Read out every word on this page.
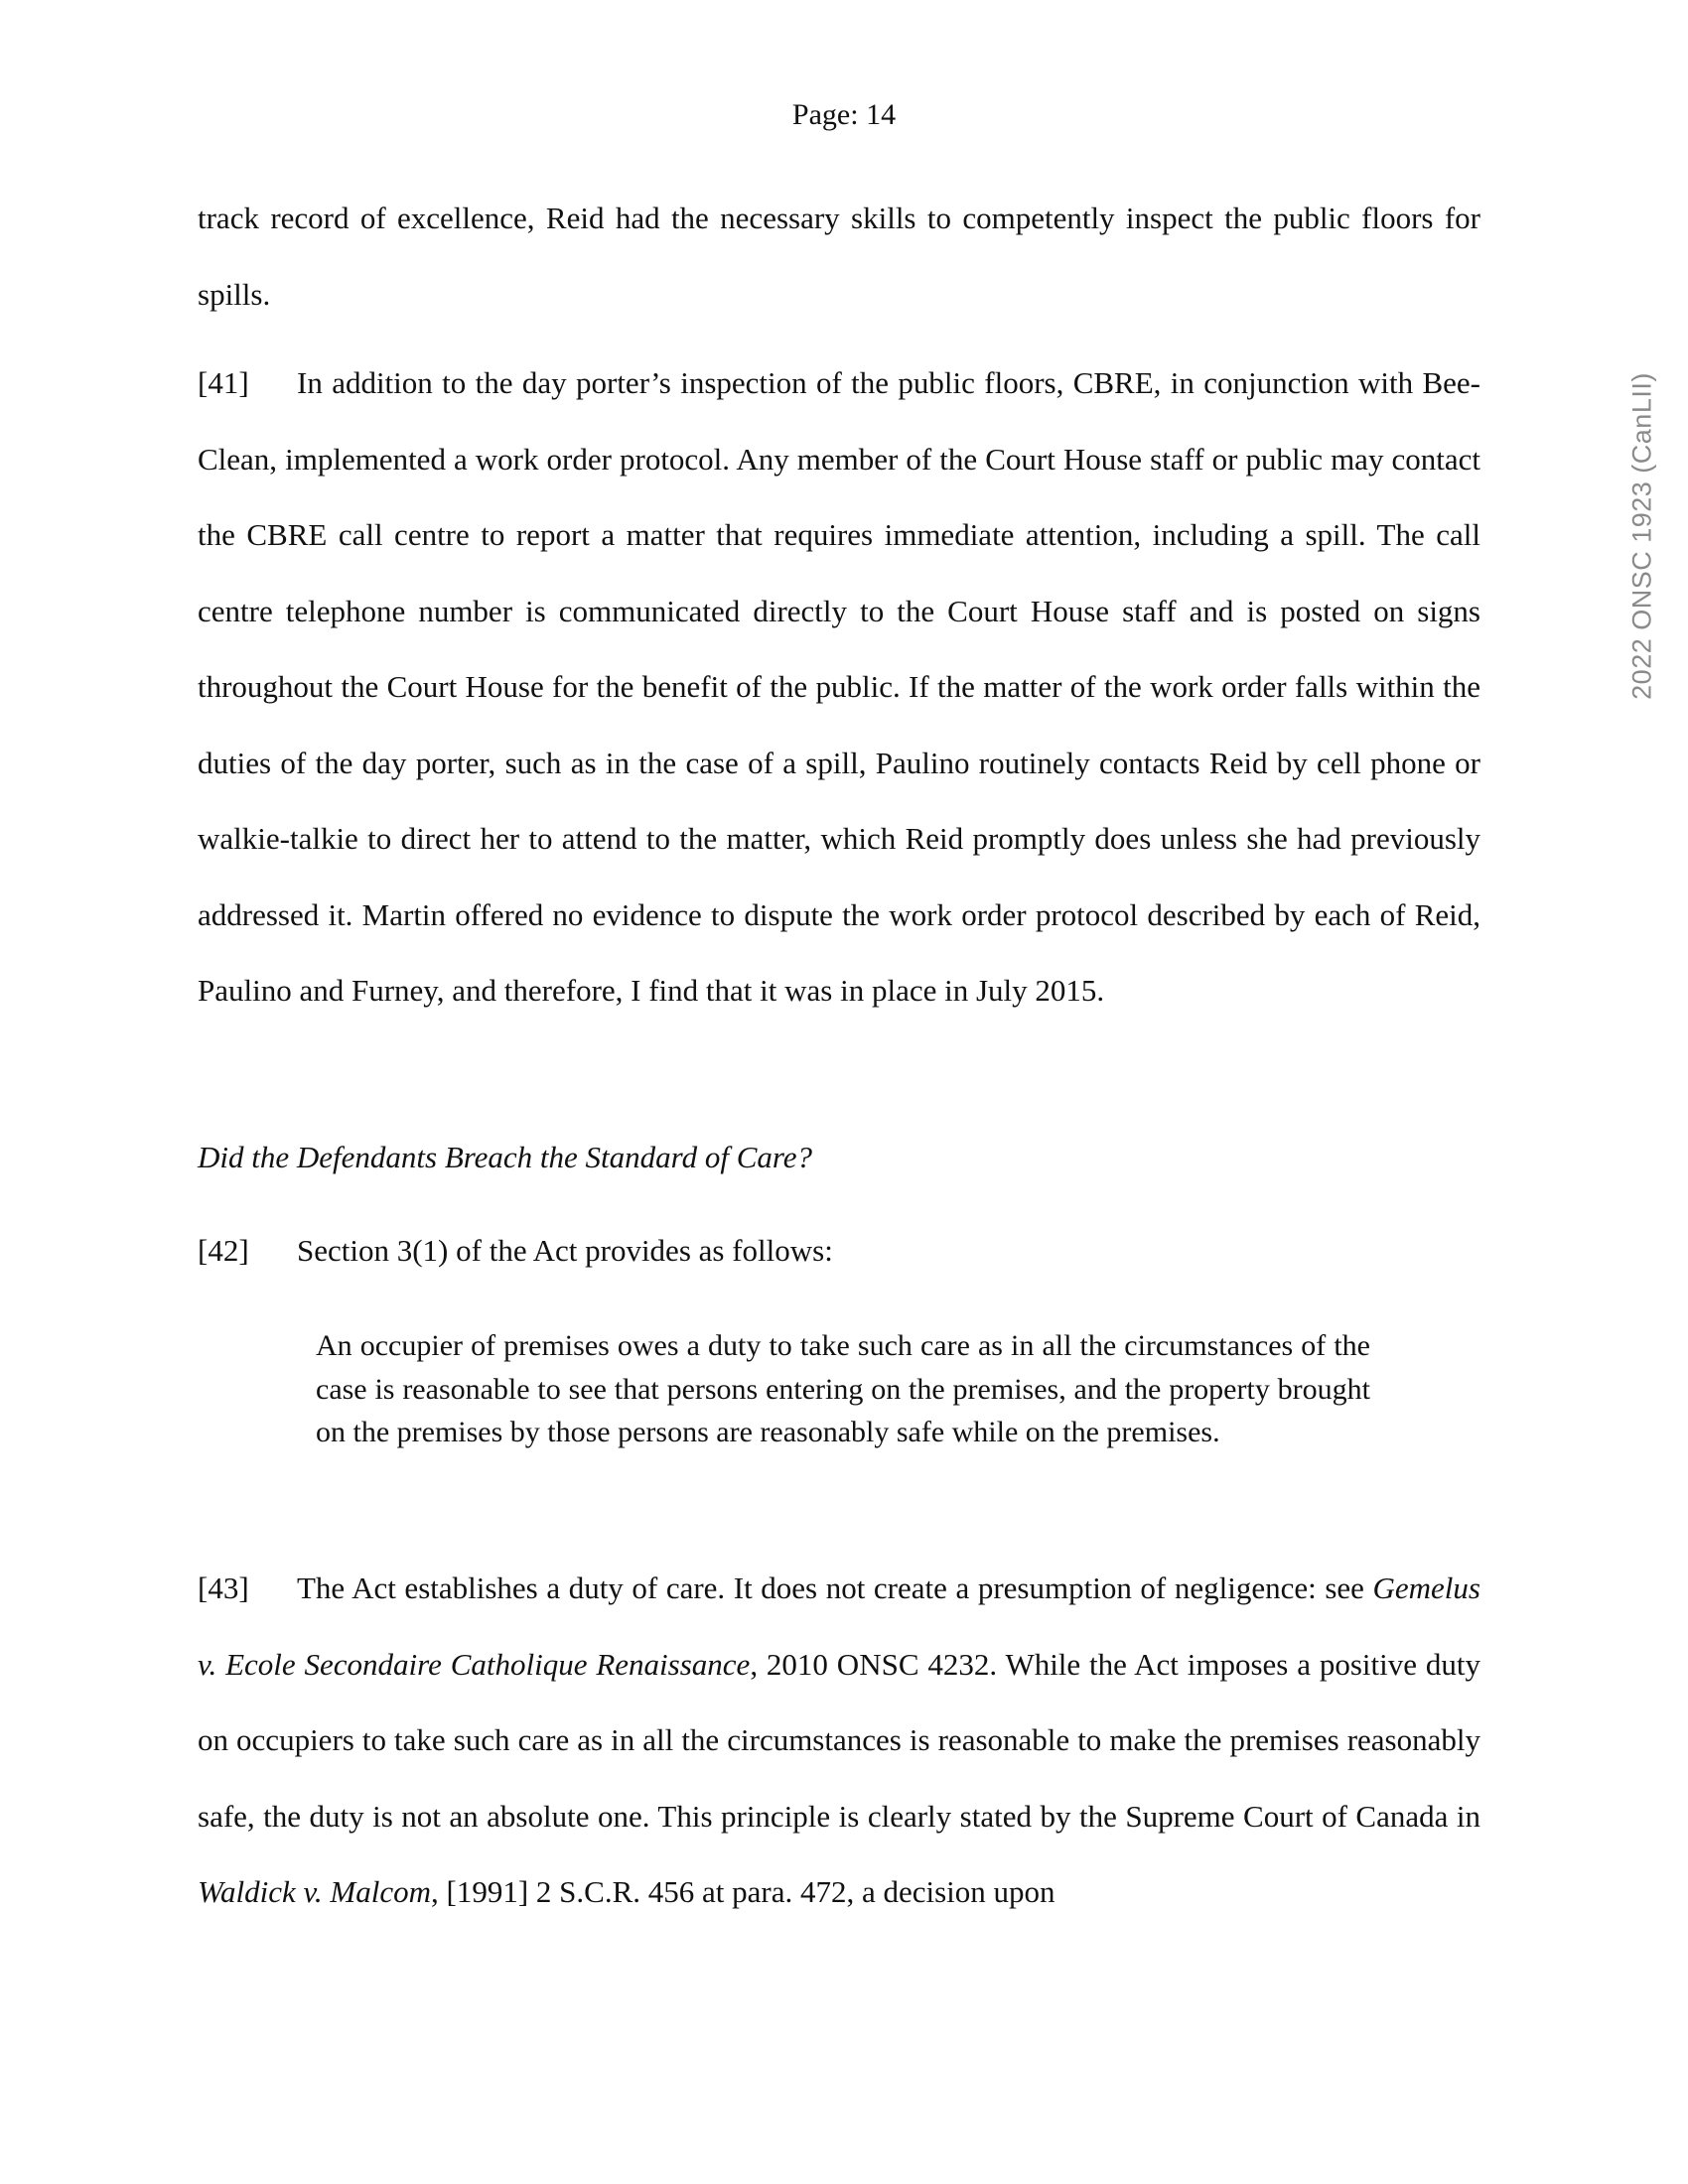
Page: 14
2022 ONSC 1923 (CanLII)

track record of excellence, Reid had the necessary skills to competently inspect the public floors for spills.

[41] In addition to the day porter’s inspection of the public floors, CBRE, in conjunction with Bee-Clean, implemented a work order protocol. Any member of the Court House staff or public may contact the CBRE call centre to report a matter that requires immediate attention, including a spill. The call centre telephone number is communicated directly to the Court House staff and is posted on signs throughout the Court House for the benefit of the public. If the matter of the work order falls within the duties of the day porter, such as in the case of a spill, Paulino routinely contacts Reid by cell phone or walkie-talkie to direct her to attend to the matter, which Reid promptly does unless she had previously addressed it. Martin offered no evidence to dispute the work order protocol described by each of Reid, Paulino and Furney, and therefore, I find that it was in place in July 2015.

Did the Defendants Breach the Standard of Care?
[42] Section 3(1) of the Act provides as follows:
An occupier of premises owes a duty to take such care as in all the circumstances of the case is reasonable to see that persons entering on the premises, and the property brought on the premises by those persons are reasonably safe while on the premises.

[43] The Act establishes a duty of care. It does not create a presumption of negligence: see Gemelus v. Ecole Secondaire Catholique Renaissance, 2010 ONSC 4232. While the Act imposes a positive duty on occupiers to take such care as in all the circumstances is reasonable to make the premises reasonably safe, the duty is not an absolute one. This principle is clearly stated by the Supreme Court of Canada in Waldick v. Malcom, [1991] 2 S.C.R. 456 at para. 472, a decision upon
